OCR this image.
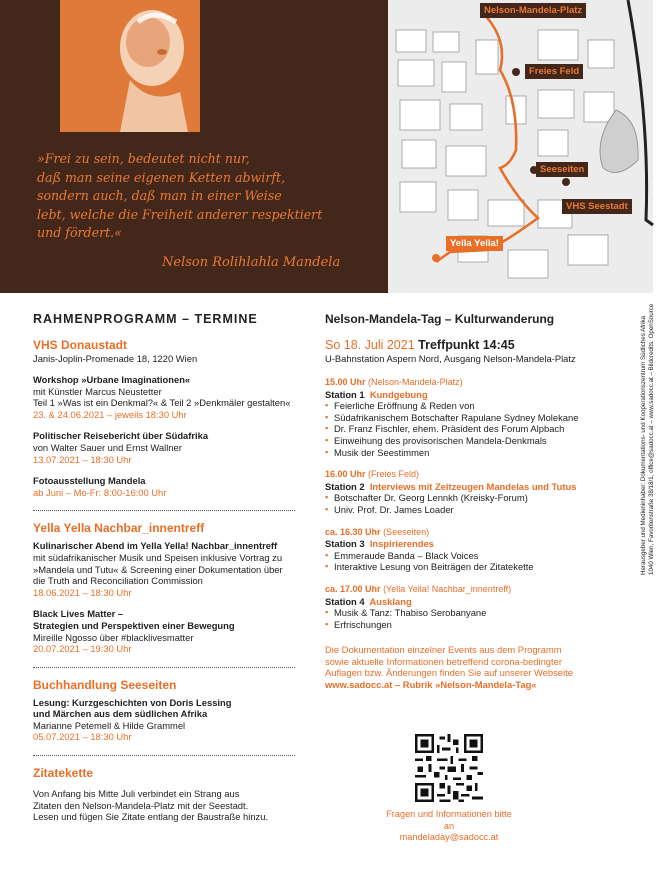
»Frei zu sein, bedeutet nicht nur,
daß man seine eigenen Ketten abwirft,
sondern auch, daß man in einer Weise
lebt, welche die Freiheit anderer respektiert
und fördert.«
Nelson Rolihlahla Mandela
Nelson-Mandela-Platz
Freies Feld
Seeseiten
VHS Seestadt
Yella Yella!
RAHMENPROGRAMM – TERMINE
VHS Donaustadt
Janis-Joplin-Promenade 18, 1220 Wien
Workshop »Urbane Imaginationen«
mit Künstler Marcus Neustetter
Teil 1 »Was ist ein Denkmal?« & Teil 2 »Denkmäler gestalten«
23. & 24.06.2021 – jeweils 18:30 Uhr
Politischer Reisebericht über Südafrika
von Walter Sauer und Ernst Wallner
13.07.2021 – 18:30 Uhr
Fotoausstellung Mandela
ab Juni – Mo-Fr: 8:00-16:00 Uhr
Yella Yella Nachbar_innentreff
Kulinarischer Abend im Yella Yella! Nachbar_innentreff
mit südafrikanischer Musik und Speisen inklusive Vortrag zu
»Mandela und Tutu« & Screening einer Dokumentation über
die Truth and Reconciliation Commission
18.06.2021 – 18:30 Uhr
Black Lives Matter –
Strategien und Perspektiven einer Bewegung
Mireille Ngosso über #blacklivesmatter
20.07.2021 – 19:30 Uhr
Buchhandlung Seeseiten
Lesung: Kurzgeschichten von Doris Lessing
und Märchen aus dem südlichen Afrika
Marianne Petemell & Hilde Grammel
05.07.2021 – 18:30 Uhr
Zitatekette
Von Anfang bis Mitte Juli verbindet ein Strang aus
Zitaten den Nelson-Mandela-Platz mit der Seestadt.
Lesen und fügen Sie Zitate entlang der Baustraße hinzu.
Nelson-Mandela-Tag – Kulturwanderung
So 18. Juli 2021 Treffpunkt 14:45
U-Bahnstation Aspern Nord, Ausgang Nelson-Mandela-Platz
15.00 Uhr (Nelson-Mandela-Platz)
Station 1 Kundgebung
▪ Feierliche Eröffnung & Reden von
▪ Südafrikanischem Botschafter Rapulane Sydney Molekane
▪ Dr. Franz Fischler, ehem. Präsident des Forum Alpbach
▪ Einweihung des provisorischen Mandela-Denkmals
▪ Musik der Seestimmen
16.00 Uhr (Freies Feld)
Station 2 Interviews mit Zeitzeugen Mandelas und Tutus
▪ Botschafter Dr. Georg Lennkh (Kreisky-Forum)
▪ Univ. Prof. Dr. James Loader
ca. 16.30 Uhr (Seeseiten)
Station 3 Inspirierendes
▪ Emmeraude Banda – Black Voices
▪ Interaktive Lesung von Beiträgen der Zitatekette
ca. 17.00 Uhr (Yella Yella! Nachbar_innentreff)
Station 4 Ausklang
▪ Musik & Tanz: Thabiso Serobanyane
▪ Erfrischungen
Die Dokumentation einzelner Events aus dem Programm
sowie aktuelle Informationen betreffend corona-bedingter
Auflagen bzw. Änderungen finden Sie auf unserer Webseite
www.sadocc.at – Rubrik »Nelson-Mandela-Tag«
Fragen und Informationen bitte an
mandeladay@sadocc.at
Herausgeber und Medieninhaber: Dokumentations- und Kooperationszentrum Südliches Afrika 1040 Wien, Favoritenstraße 38/18/1, office@sadocc.at – www.sadocc.at – Bildcredits: OpenSource
